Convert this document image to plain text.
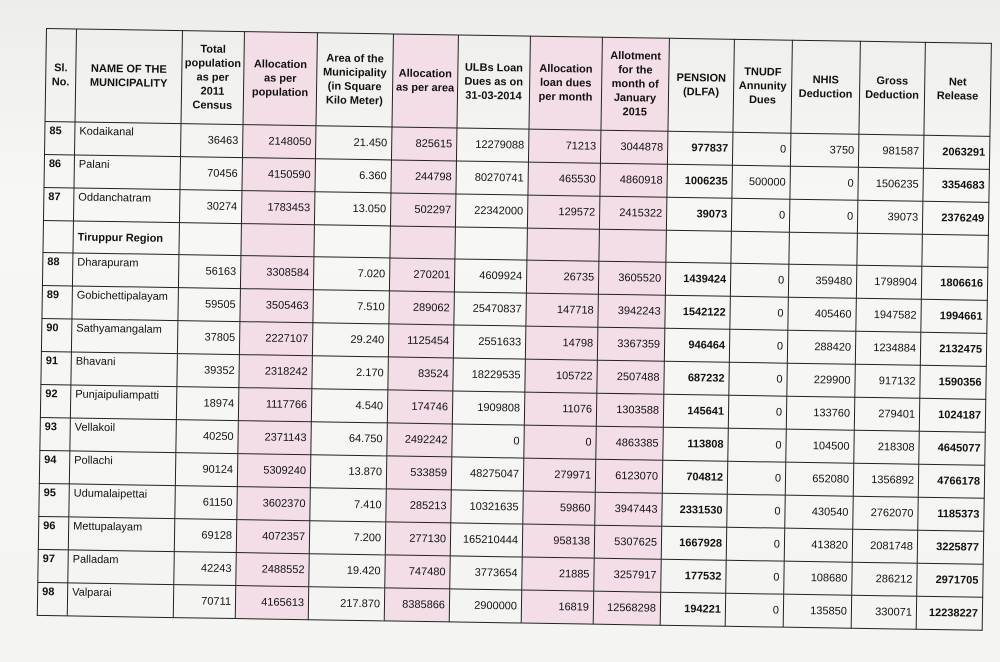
Sl. No.	NAME OF THE MUNICIPALITY	Total population as per 2011 Census	Allocation as per population	Area of the Municipality (in Square Kilo Meter)	Allocation as per area	ULBs Loan Dues as on 31-03-2014	Allocation loan dues per month	Allotment for the month of January 2015	PENSION (DLFA)	TNUDF Annunity Dues	NHIS Deduction	Gross Deduction	Net Release
85	Kodaikanal	36463	2148050	21.450	825615	12279088	71213	3044878	977837	0	3750	981587	2063291
86	Palani	70456	4150590	6.360	244798	80270741	465530	4860918	1006235	500000	0	1506235	3354683
87	Oddanchatram	30274	1783453	13.050	502297	22342000	129572	2415322	39073	0	0	39073	2376249
	Tiruppur Region												
88	Dharapuram	56163	3308584	7.020	270201	4609924	26735	3605520	1439424	0	359480	1798904	1806616
89	Gobichettipalayam	59505	3505463	7.510	289062	25470837	147718	3942243	1542122	0	405460	1947582	1994661
90	Sathyamangalam	37805	2227107	29.240	1125454	2551633	14798	3367359	946464	0	288420	1234884	2132475
91	Bhavani	39352	2318242	2.170	83524	18229535	105722	2507488	687232	0	229900	917132	1590356
92	Punjaipuliampatti	18974	1117766	4.540	174746	1909808	11076	1303588	145641	0	133760	279401	1024187
93	Vellakoil	40250	2371143	64.750	2492242	0	0	4863385	113808	0	104500	218308	4645077
94	Pollachi	90124	5309240	13.870	533859	48275047	279971	6123070	704812	0	652080	1356892	4766178
95	Udumalaipettai	61150	3602370	7.410	285213	10321635	59860	3947443	2331530	0	430540	2762070	1185373
96	Mettupalayam	69128	4072357	7.200	277130	165210444	958138	5307625	1667928	0	413820	2081748	3225877
97	Palladam	42243	2488552	19.420	747480	3773654	21885	3257917	177532	0	108680	286212	2971705
98	Valparai	70711	4165613	217.870	8385866	2900000	16819	12568298	194221	0	135850	330071	12238227
